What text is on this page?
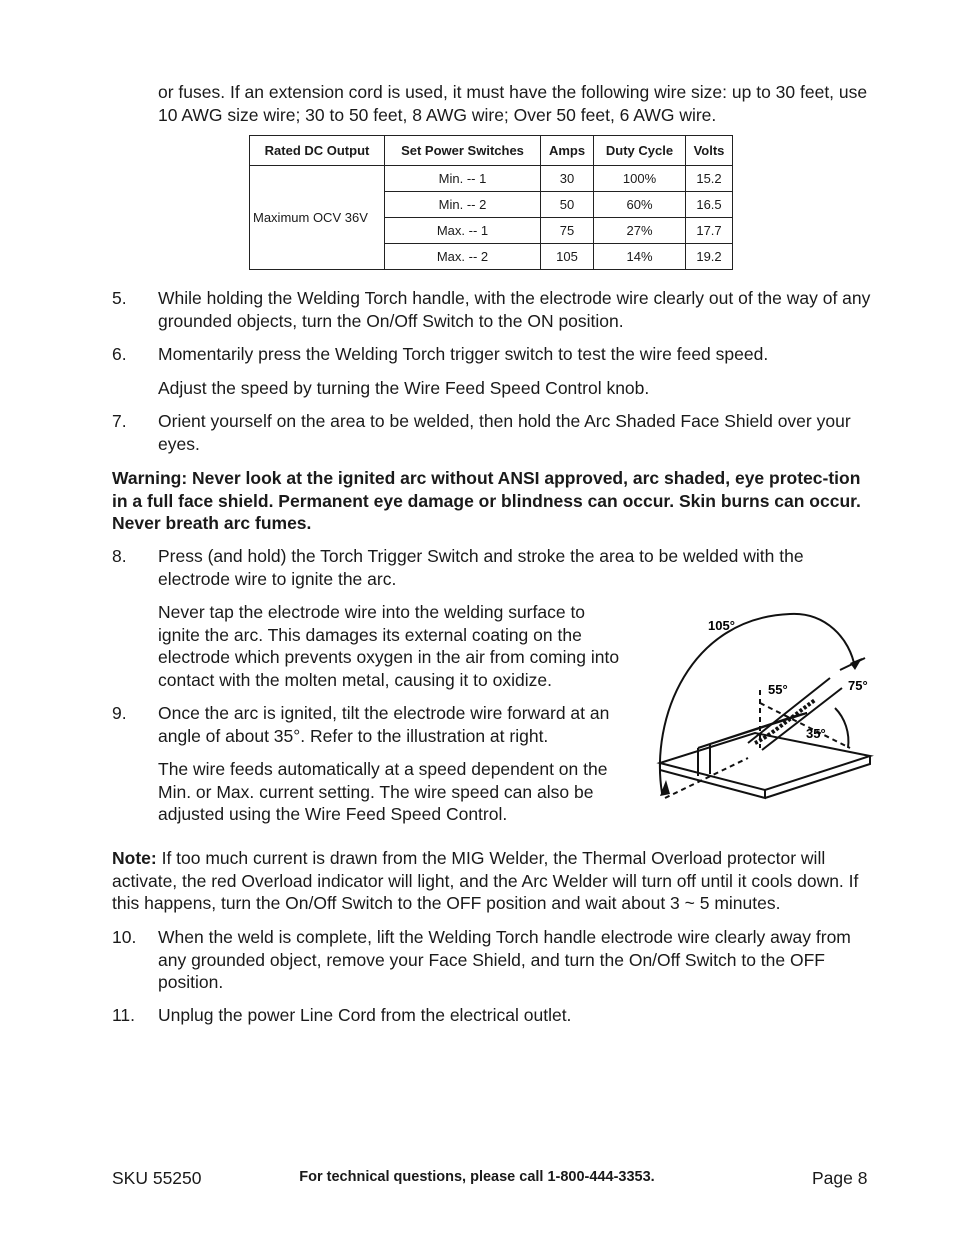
or fuses. If an extension cord is used, it must have the following wire size: up to 30 feet, use 10 AWG size wire; 30 to 50 feet, 8 AWG wire; Over 50 feet, 6 AWG wire.
Rated DC Output	Set Power Switches	Amps	Duty Cycle	Volts
Maximum OCV 36V	Min. -- 1	30	100%	15.2
	Min. -- 2	50	60%	16.5
	Max. -- 1	75	27%	17.7
	Max. -- 2	105	14%	19.2
5.	While holding the Welding Torch handle, with the electrode wire clearly out of the way of any grounded objects, turn the On/Off Switch to the ON position.
6.	Momentarily press the Welding Torch trigger switch to test the wire feed speed.
Adjust the speed by turning the Wire Feed Speed Control knob.
7.	Orient yourself on the area to be welded, then hold the Arc Shaded Face Shield over your eyes.
Warning: Never look at the ignited arc without ANSI approved, arc shaded, eye protec-tion in a full face shield. Permanent eye damage or blindness can occur. Skin burns can occur. Never breath arc fumes.
8.	Press (and hold) the Torch Trigger Switch and stroke the area to be welded with the electrode wire to ignite the arc.
Never tap the electrode wire into the welding surface to ignite the arc. This damages its external coating on the electrode which prevents oxygen in the air from coming into contact with the molten metal, causing it to oxidize.
9.	Once the arc is ignited, tilt the electrode wire forward at an angle of about 35°. Refer to the illustration at right.
The wire feeds automatically at a speed dependent on the Min. or Max. current setting. The wire speed can also be adjusted using the Wire Feed Speed Control.
105°
55°	75°
35°
Note: If too much current is drawn from the MIG Welder, the Thermal Overload protector will activate, the red Overload indicator will light, and the Arc Welder will turn off until it cools down. If this happens, turn the On/Off Switch to the OFF position and wait about 3 ~ 5 minutes.
10.	When the weld is complete, lift the Welding Torch handle electrode wire clearly away from any grounded object, remove your Face Shield, and turn the On/Off Switch to the OFF position.
11.	Unplug the power Line Cord from the electrical outlet.
SKU 55250	For technical questions, please call 1-800-444-3353.	Page 8
